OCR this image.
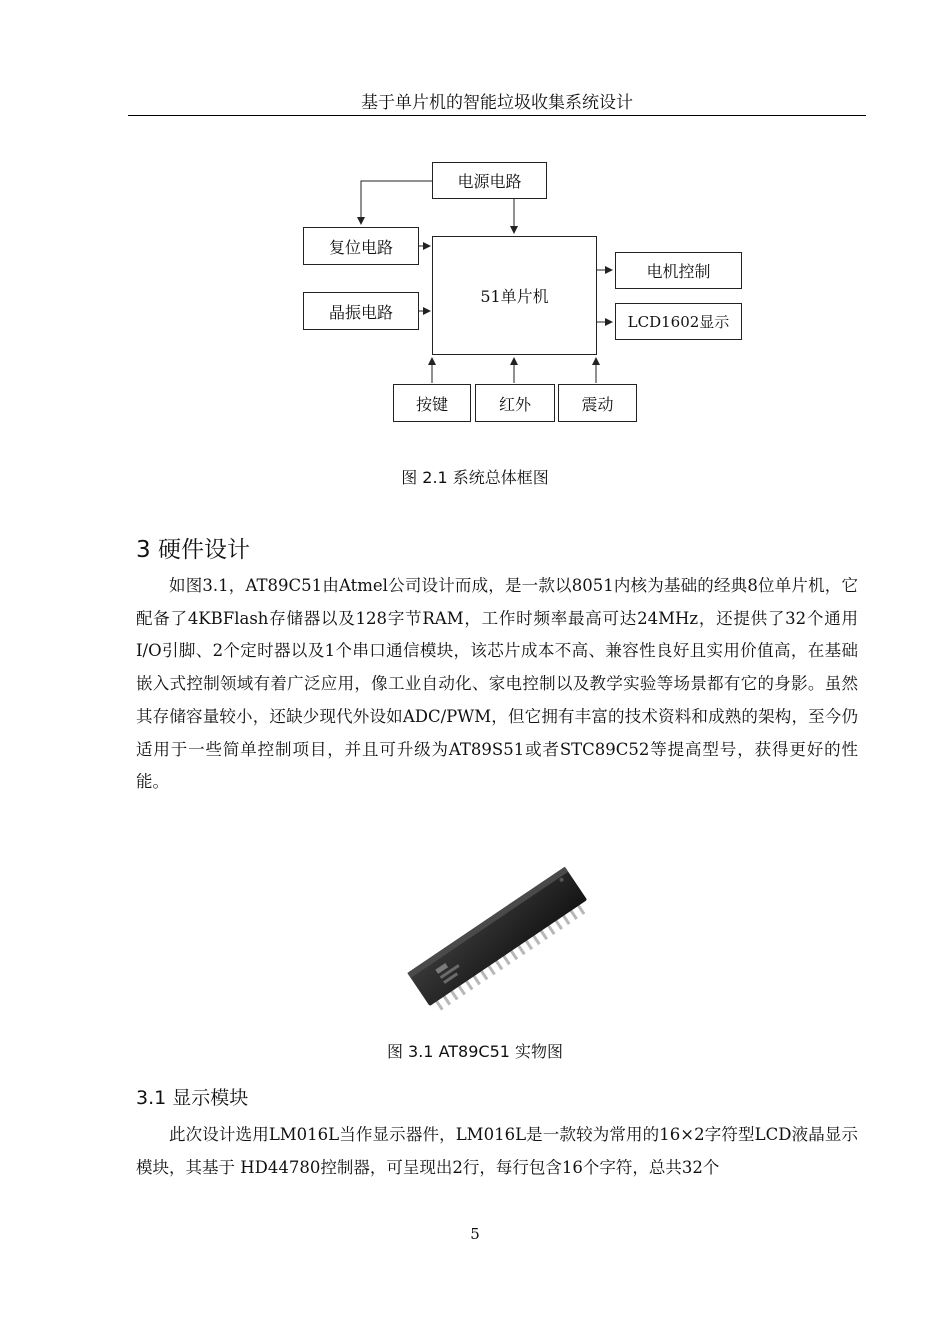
基于单片机的智能垃圾收集系统设计
电源电路
复位电路
晶振电路
51单片机
电机控制
LCD1602显示
按键	红外	震动
图 2.1 系统总体框图
3 硬件设计

如图3.1，AT89C51由Atmel公司设计而成，是一款以8051内核为基础的经典8位单片机，它配备了4KBFlash存储器以及128字节RAM，工作时频率最高可达24MHz，还提供了32个通用I/O引脚、2个定时器以及1个串口通信模块，该芯片成本不高、兼容性良好且实用价值高，在基础嵌入式控制领域有着广泛应用，像工业自动化、家电控制以及教学实验等场景都有它的身影。虽然其存储容量较小，还缺少现代外设如ADC/PWM，但它拥有丰富的技术资料和成熟的架构，至今仍适用于一些简单控制项目，并且可升级为AT89S51或者STC89C52等提高型号，获得更好的性能。

图 3.1 AT89C51 实物图
3.1 显示模块

此次设计选用LM016L当作显示器件，LM016L是一款较为常用的16×2字符型LCD液晶显示模块，其基于 HD44780控制器，可呈现出2行，每行包含16个字符，总共32个

5
